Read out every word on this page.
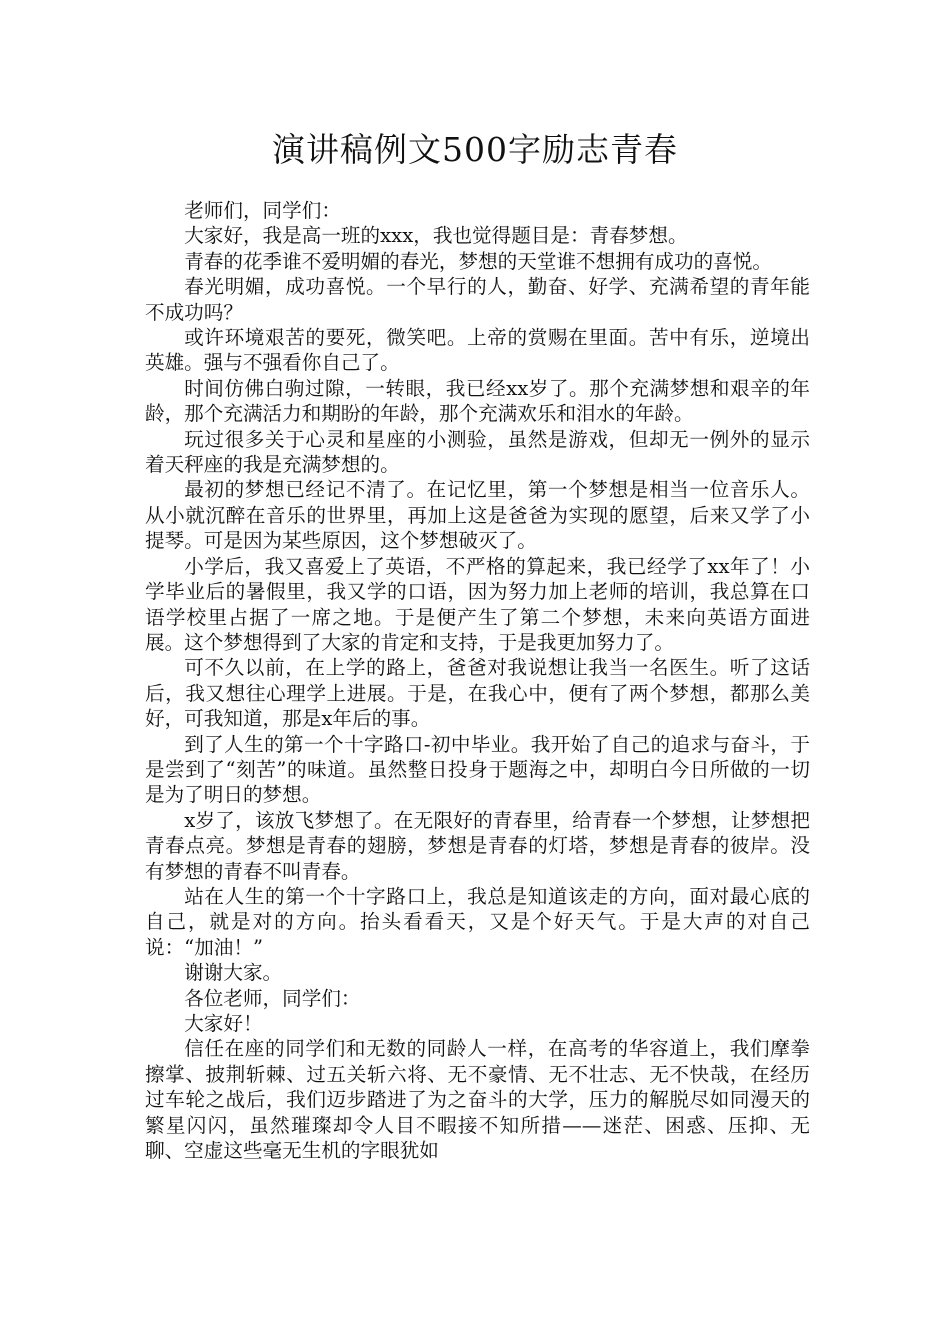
演讲稿例文500字励志青春

老师们，同学们：

大家好，我是高一班的xxx，我也觉得题目是：青春梦想。

青春的花季谁不爱明媚的春光，梦想的天堂谁不想拥有成功的喜悦。

春光明媚，成功喜悦。一个早行的人，勤奋、好学、充满希望的青年能不成功吗？

或许环境艰苦的要死，微笑吧。上帝的赏赐在里面。苦中有乐，逆境出英雄。强与不强看你自己了。

时间仿佛白驹过隙，一转眼，我已经xx岁了。那个充满梦想和艰辛的年龄，那个充满活力和期盼的年龄，那个充满欢乐和泪水的年龄。

玩过很多关于心灵和星座的小测验，虽然是游戏，但却无一例外的显示着天秤座的我是充满梦想的。

最初的梦想已经记不清了。在记忆里，第一个梦想是相当一位音乐人。从小就沉醉在音乐的世界里，再加上这是爸爸为实现的愿望，后来又学了小提琴。可是因为某些原因，这个梦想破灭了。

小学后，我又喜爱上了英语，不严格的算起来，我已经学了xx年了！小学毕业后的暑假里，我又学的口语，因为努力加上老师的培训，我总算在口语学校里占据了一席之地。于是便产生了第二个梦想，未来向英语方面进展。这个梦想得到了大家的肯定和支持，于是我更加努力了。

可不久以前，在上学的路上，爸爸对我说想让我当一名医生。听了这话后，我又想往心理学上进展。于是，在我心中，便有了两个梦想，都那么美好，可我知道，那是x年后的事。

到了人生的第一个十字路口-初中毕业。我开始了自己的追求与奋斗，于是尝到了“刻苦”的味道。虽然整日投身于题海之中，却明白今日所做的一切是为了明日的梦想。

x岁了，该放飞梦想了。在无限好的青春里，给青春一个梦想，让梦想把青春点亮。梦想是青春的翅膀，梦想是青春的灯塔，梦想是青春的彼岸。没有梦想的青春不叫青春。

站在人生的第一个十字路口上，我总是知道该走的方向，面对最心底的自己，就是对的方向。抬头看看天，又是个好天气。于是大声的对自己说：“加油！”

谢谢大家。

各位老师，同学们：

大家好！

信任在座的同学们和无数的同龄人一样，在高考的华容道上，我们摩拳擦掌、披荆斩棘、过五关斩六将、无不豪情、无不壮志、无不快哉，在经历过车轮之战后，我们迈步踏进了为之奋斗的大学，压力的解脱尽如同漫天的繁星闪闪，虽然璀璨却令人目不暇接不知所措——迷茫、困惑、压抑、无聊、空虚这些毫无生机的字眼犹如
